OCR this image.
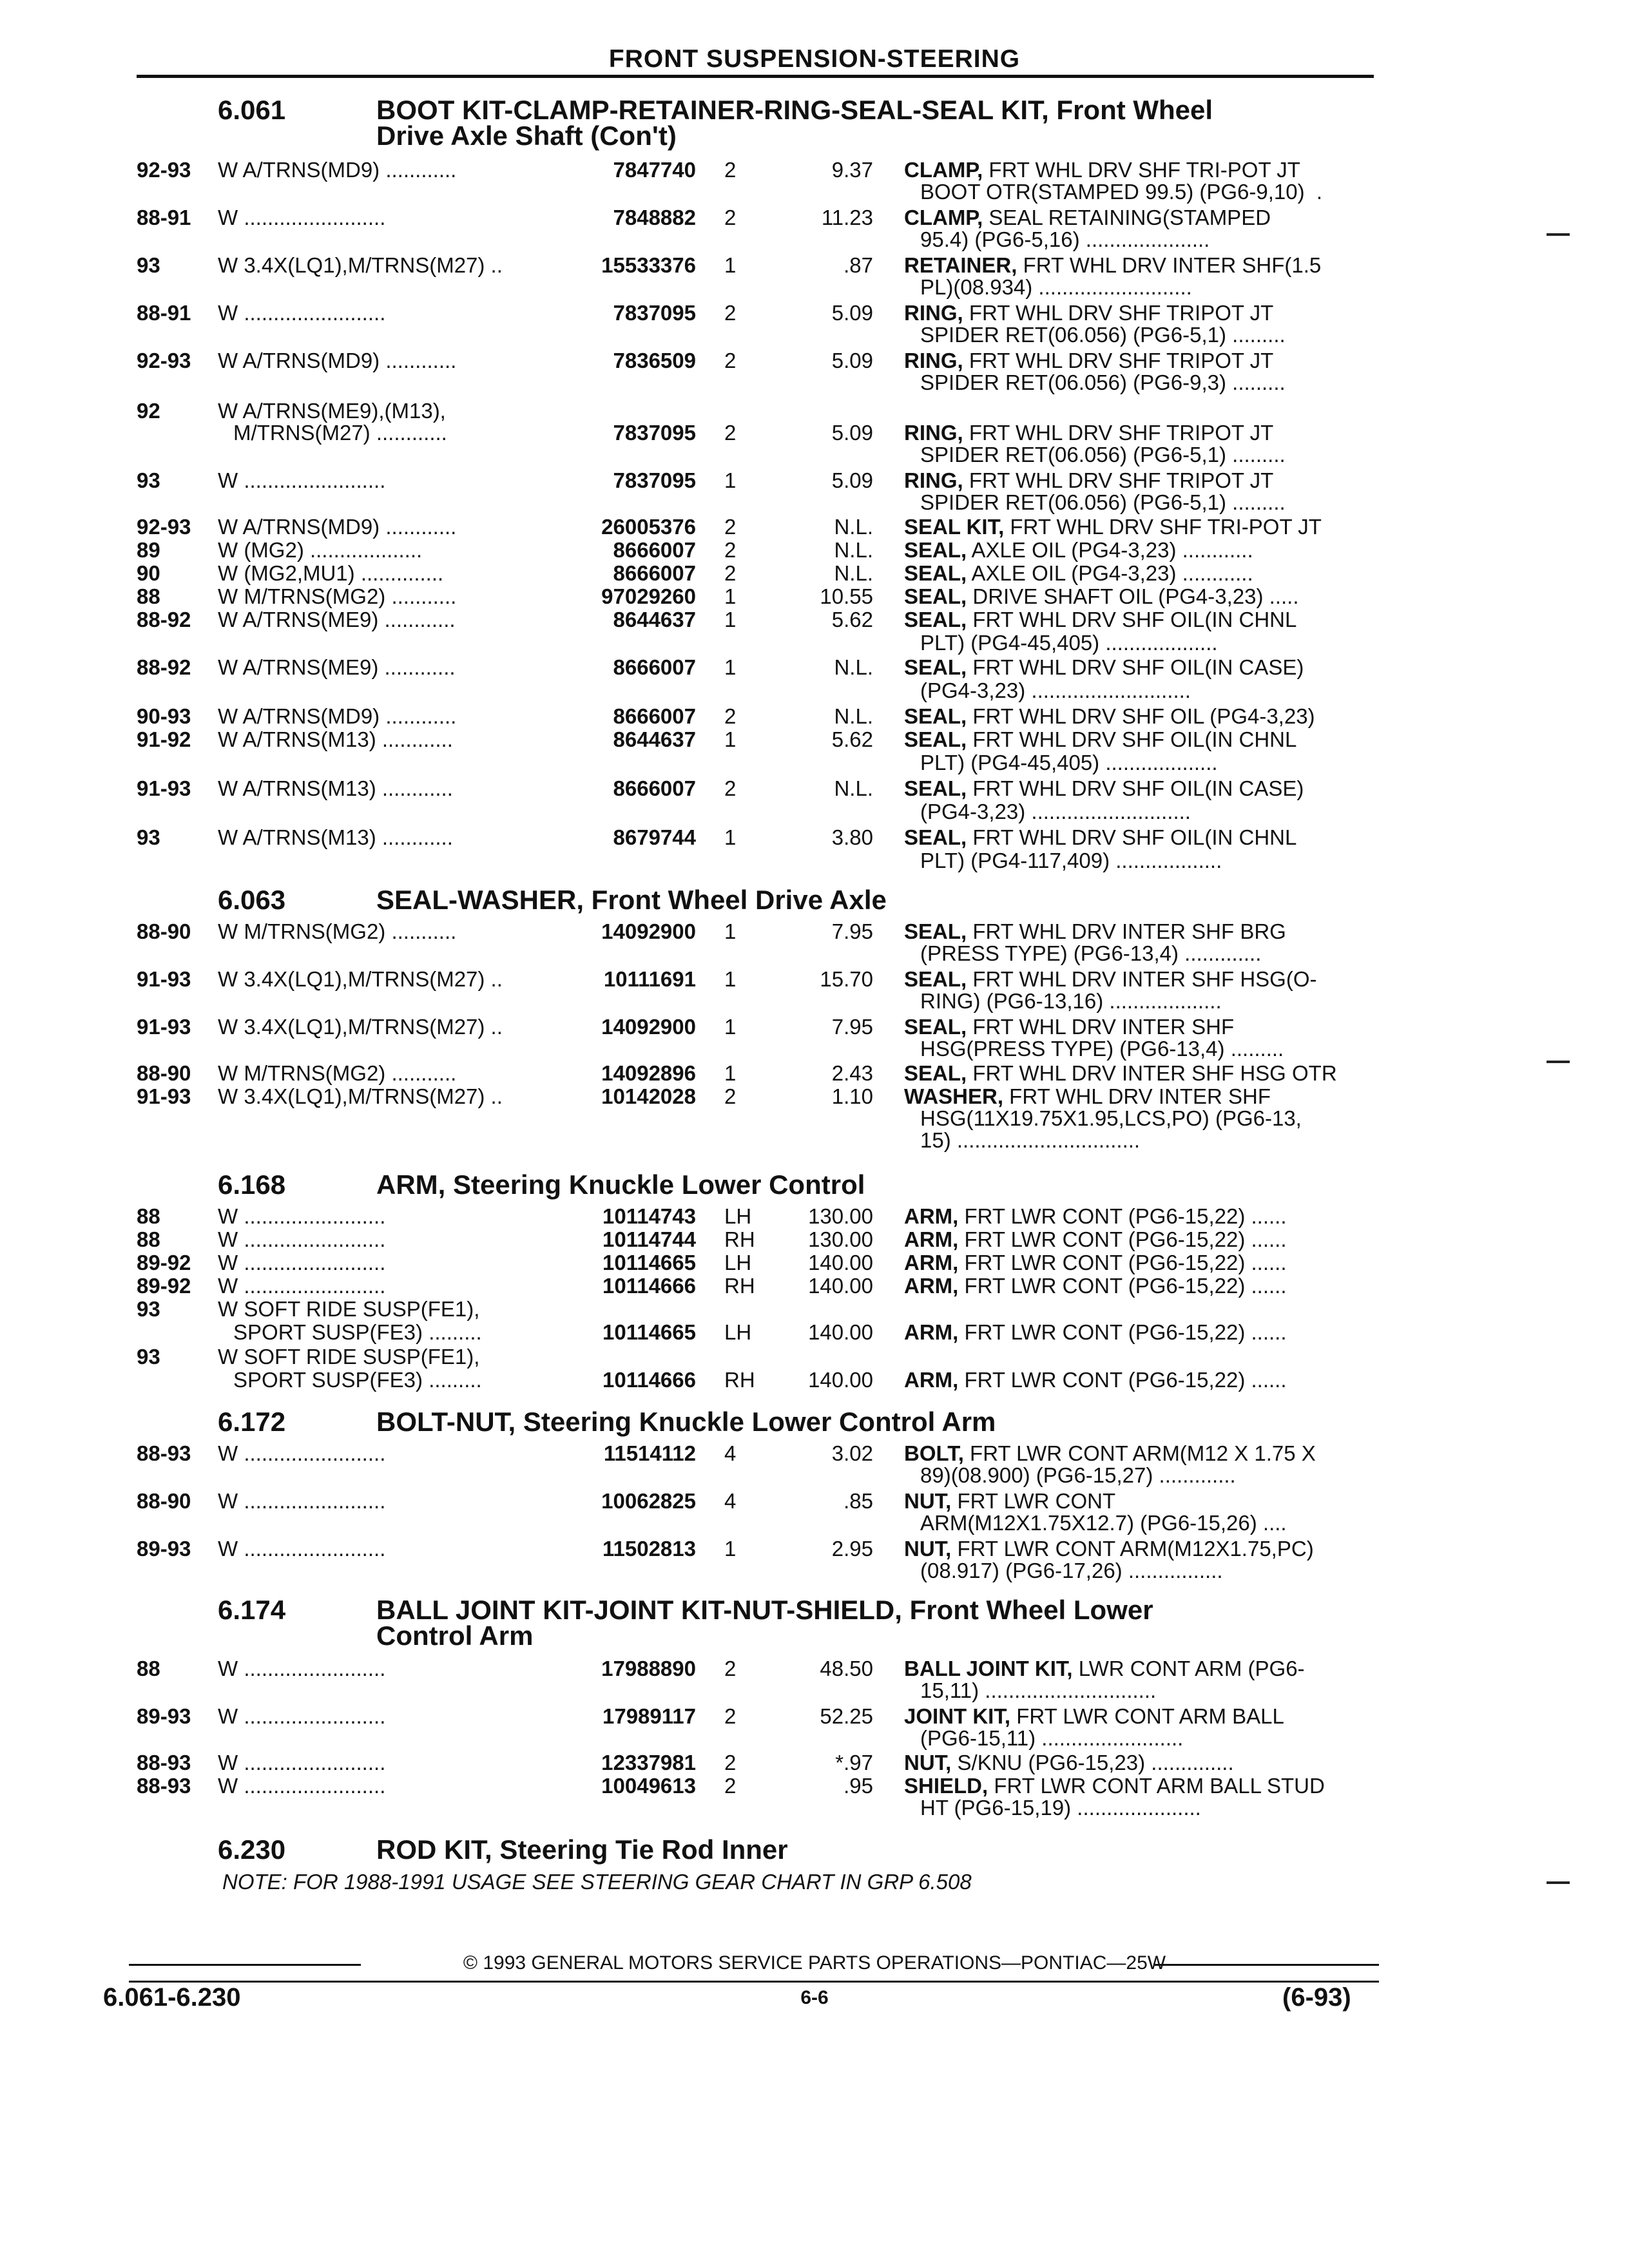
FRONT SUSPENSION-STEERING
6.061	BOOT KIT-CLAMP-RETAINER-RING-SEAL-SEAL KIT, Front Wheel
Drive Axle Shaft (Con't)
92-93 W A/TRNS(MD9) ............	7847740 2	9.37 CLAMP, FRT WHL DRV SHF TRI-POT JT
BOOT OTR(STAMPED 99.5) (PG6-9,10)  .
88-91 W ........................	7848882 2	11.23 CLAMP, SEAL RETAINING(STAMPED
95.4) (PG6-5,16) .....................
93	W 3.4X(LQ1),M/TRNS(M27) ..	15533376 1	.87 RETAINER, FRT WHL DRV INTER SHF(1.5
PL)(08.934) ..........................
88-91 W ........................	7837095 2	5.09 RING, FRT WHL DRV SHF TRIPOT JT
SPIDER RET(06.056) (PG6-5,1) .........
92-93 W A/TRNS(MD9) ............	7836509 2	5.09 RING, FRT WHL DRV SHF TRIPOT JT
SPIDER RET(06.056) (PG6-9,3) .........
92	W A/TRNS(ME9),(M13),
M/TRNS(M27) ............	7837095 2	5.09 RING, FRT WHL DRV SHF TRIPOT JT
SPIDER RET(06.056) (PG6-5,1) .........
93	W ........................	7837095 1	5.09 RING, FRT WHL DRV SHF TRIPOT JT
SPIDER RET(06.056) (PG6-5,1) .........
92-93 W A/TRNS(MD9) ............	26005376 2	N.L. SEAL KIT, FRT WHL DRV SHF TRI-POT JT
89	W (MG2) ...................	8666007 2	N.L. SEAL, AXLE OIL (PG4-3,23) ............
90	W (MG2,MU1) ..............	8666007 2	N.L. SEAL, AXLE OIL (PG4-3,23) ............
88	W M/TRNS(MG2) ...........	97029260 1	10.55 SEAL, DRIVE SHAFT OIL (PG4-3,23) .....
88-92 W A/TRNS(ME9) ............	8644637 1	5.62 SEAL, FRT WHL DRV SHF OIL(IN CHNL
PLT) (PG4-45,405) ...................
88-92 W A/TRNS(ME9) ............	8666007 1	N.L. SEAL, FRT WHL DRV SHF OIL(IN CASE)
(PG4-3,23) ...........................
90-93 W A/TRNS(MD9) ............	8666007 2	N.L. SEAL, FRT WHL DRV SHF OIL (PG4-3,23)
91-92 W A/TRNS(M13) ............	8644637 1	5.62 SEAL, FRT WHL DRV SHF OIL(IN CHNL
PLT) (PG4-45,405) ...................
91-93 W A/TRNS(M13) ............	8666007 2	N.L. SEAL, FRT WHL DRV SHF OIL(IN CASE)
(PG4-3,23) ...........................
93	W A/TRNS(M13) ............	8679744 1	3.80 SEAL, FRT WHL DRV SHF OIL(IN CHNL
PLT) (PG4-117,409) ..................
6.063	SEAL-WASHER, Front Wheel Drive Axle
88-90 W M/TRNS(MG2) ...........	14092900 1	7.95 SEAL, FRT WHL DRV INTER SHF BRG
(PRESS TYPE) (PG6-13,4) .............
91-93 W 3.4X(LQ1),M/TRNS(M27) ..	10111691 1	15.70 SEAL, FRT WHL DRV INTER SHF HSG(O-
RING) (PG6-13,16) ...................
91-93 W 3.4X(LQ1),M/TRNS(M27) ..	14092900 1	7.95 SEAL, FRT WHL DRV INTER SHF
HSG(PRESS TYPE) (PG6-13,4) .........
88-90 W M/TRNS(MG2) ...........	14092896 1	2.43 SEAL, FRT WHL DRV INTER SHF HSG OTR
91-93 W 3.4X(LQ1),M/TRNS(M27) ..	10142028 2	1.10 WASHER, FRT WHL DRV INTER SHF
HSG(11X19.75X1.95,LCS,PO) (PG6-13,
15) ...............................
6.168	ARM, Steering Knuckle Lower Control
88	W ........................	10114743 LH	130.00 ARM, FRT LWR CONT (PG6-15,22) ......
88	W ........................	10114744 RH	130.00 ARM, FRT LWR CONT (PG6-15,22) ......
89-92 W ........................	10114665 LH	140.00 ARM, FRT LWR CONT (PG6-15,22) ......
89-92 W ........................	10114666 RH	140.00 ARM, FRT LWR CONT (PG6-15,22) ......
93	W SOFT RIDE SUSP(FE1),
SPORT SUSP(FE3) .........	10114665 LH	140.00 ARM, FRT LWR CONT (PG6-15,22) ......
93	W SOFT RIDE SUSP(FE1),
SPORT SUSP(FE3) .........	10114666 RH	140.00 ARM, FRT LWR CONT (PG6-15,22) ......
6.172	BOLT-NUT, Steering Knuckle Lower Control Arm
88-93 W ........................	11514112 4	3.02 BOLT, FRT LWR CONT ARM(M12 X 1.75 X
89)(08.900) (PG6-15,27) .............
88-90 W ........................	10062825 4	.85 NUT, FRT LWR CONT
ARM(M12X1.75X12.7) (PG6-15,26) ....
89-93 W ........................	11502813 1	2.95 NUT, FRT LWR CONT ARM(M12X1.75,PC)
(08.917) (PG6-17,26) ................
6.174	BALL JOINT KIT-JOINT KIT-NUT-SHIELD, Front Wheel Lower
Control Arm
88	W ........................	17988890 2	48.50 BALL JOINT KIT, LWR CONT ARM (PG6-
15,11) .............................
89-93 W ........................	17989117 2	52.25 JOINT KIT, FRT LWR CONT ARM BALL
(PG6-15,11) ........................
88-93 W ........................	12337981 2	*.97 NUT, S/KNU (PG6-15,23) ..............
88-93 W ........................	10049613 2	.95 SHIELD, FRT LWR CONT ARM BALL STUD
HT (PG6-15,19) .....................
6.230	ROD KIT, Steering Tie Rod Inner
NOTE: FOR 1988-1991 USAGE SEE STEERING GEAR CHART IN GRP 6.508
© 1993 GENERAL MOTORS SERVICE PARTS OPERATIONS—PONTIAC—25W
6.061-6.230	6-6	(6-93)
